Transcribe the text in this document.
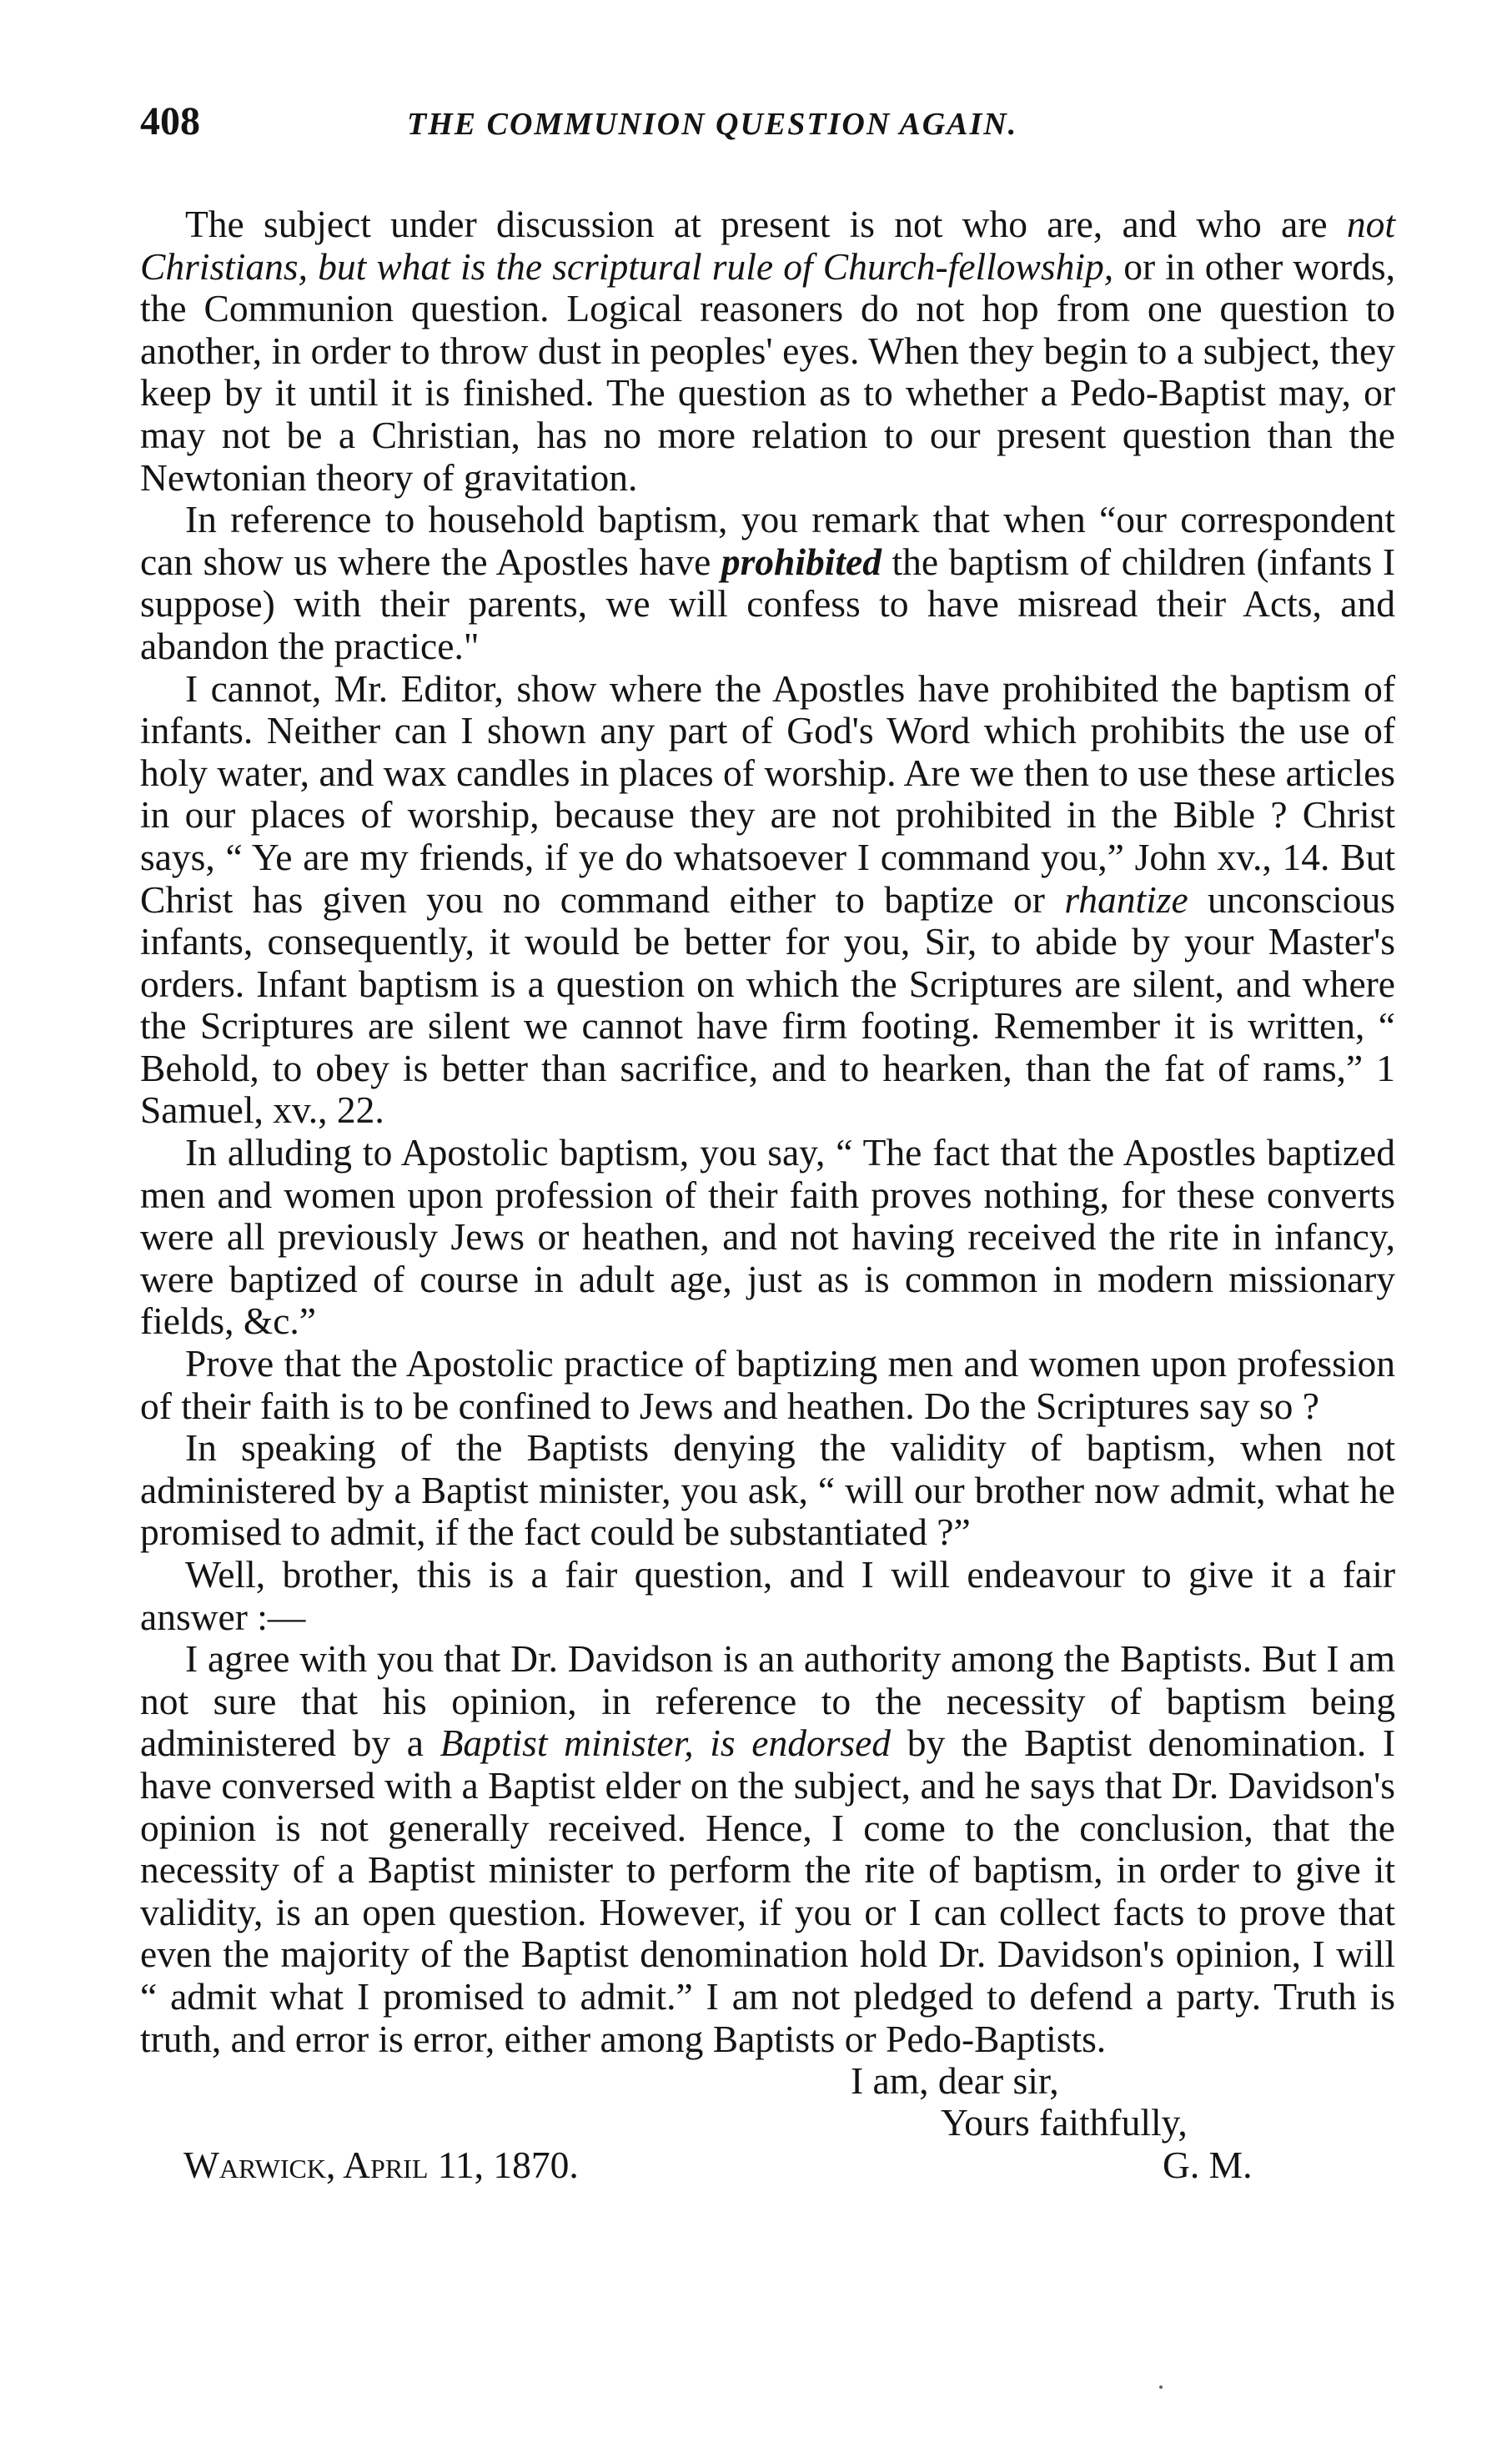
408	THE COMMUNION QUESTION AGAIN.

The subject under discussion at present is not who are, and who are not Christians, but what is the scriptural rule of Church-fellowship, or in other words, the Communion question. Logical reasoners do not hop from one question to another, in order to throw dust in peoples' eyes. When they begin to a subject, they keep by it until it is finished. The question as to whether a Pedo-Baptist may, or may not be a Christian, has no more relation to our present question than the Newtonian theory of gravitation.

In reference to household baptism, you remark that when “our correspondent can show us where the Apostles have prohibited the baptism of children (infants I suppose) with their parents, we will confess to have misread their Acts, and abandon the practice."

I cannot, Mr. Editor, show where the Apostles have prohibited the baptism of infants. Neither can I shown any part of God's Word which prohibits the use of holy water, and wax candles in places of worship. Are we then to use these articles in our places of worship, because they are not prohibited in the Bible ? Christ says, “ Ye are my friends, if ye do whatsoever I command you,” John xv., 14. But Christ has given you no command either to baptize or rhantize unconscious infants, consequently, it would be better for you, Sir, to abide by your Master's orders. Infant baptism is a question on which the Scriptures are silent, and where the Scriptures are silent we cannot have firm footing. Remember it is written, “ Behold, to obey is better than sacrifice, and to hearken, than the fat of rams,” 1 Samuel, xv., 22.

In alluding to Apostolic baptism, you say, “ The fact that the Apostles baptized men and women upon profession of their faith proves nothing, for these converts were all previously Jews or heathen, and not having received the rite in infancy, were baptized of course in adult age, just as is common in modern missionary fields, &c.”

Prove that the Apostolic practice of baptizing men and women upon profession of their faith is to be confined to Jews and heathen. Do the Scriptures say so ?

In speaking of the Baptists denying the validity of baptism, when not administered by a Baptist minister, you ask, “ will our brother now admit, what he promised to admit, if the fact could be substantiated ?”

Well, brother, this is a fair question, and I will endeavour to give it a fair answer :—

I agree with you that Dr. Davidson is an authority among the Baptists. But I am not sure that his opinion, in reference to the necessity of baptism being administered by a Baptist minister, is endorsed by the Baptist denomination. I have conversed with a Baptist elder on the subject, and he says that Dr. Davidson's opinion is not generally received. Hence, I come to the conclusion, that the necessity of a Baptist minister to perform the rite of baptism, in order to give it validity, is an open question. However, if you or I can collect facts to prove that even the majority of the Baptist denomination hold Dr. Davidson's opinion, I will “ admit what I promised to admit.” I am not pledged to defend a party. Truth is truth, and error is error, either among Baptists or Pedo-Baptists.

I am, dear sir,
Yours faithfully,
Warwick, April 11, 1870.	G. M.
